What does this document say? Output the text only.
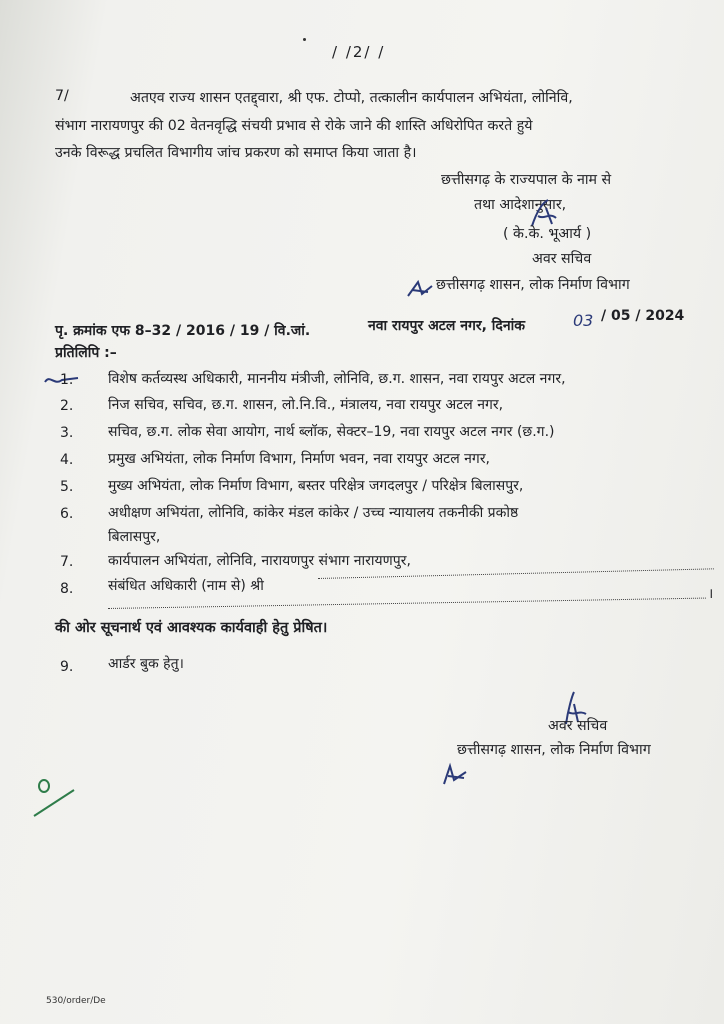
/ /2/ /
7/	अतएव राज्य शासन एतद्द्वारा, श्री एफ. टोप्पो, तत्कालीन कार्यपालन अभियंता, लोनिवि,
संभाग नारायणपुर की 02 वेतनवृद्धि संचयी प्रभाव से रोके जाने की शास्ति अधिरोपित करते हुये
उनके विरूद्ध प्रचलित विभागीय जांच प्रकरण को समाप्त किया जाता है।
छत्तीसगढ़ के राज्यपाल के नाम से
तथा आदेशानुसार,
( के.के. भूआर्य )
अवर सचिव
छत्तीसगढ़ शासन, लोक निर्माण विभाग
पृ. क्रमांक एफ 8–32 / 2016 / 19 / वि.जां.	नवा रायपुर अटल नगर, दिनांक	03 / 05 / 2024
प्रतिलिपि :–
1.	विशेष कर्तव्यस्थ अधिकारी, माननीय मंत्रीजी, लोनिवि, छ.ग. शासन, नवा रायपुर अटल नगर,
2.	निज सचिव, सचिव, छ.ग. शासन, लो.नि.वि., मंत्रालय, नवा रायपुर अटल नगर,
3.	सचिव, छ.ग. लोक सेवा आयोग, नार्थ ब्लॉक, सेक्टर–19, नवा रायपुर अटल नगर (छ.ग.)
4.	प्रमुख अभियंता, लोक निर्माण विभाग, निर्माण भवन, नवा रायपुर अटल नगर,
5.	मुख्य अभियंता, लोक निर्माण विभाग, बस्तर परिक्षेत्र जगदलपुर / परिक्षेत्र बिलासपुर,
6.	अधीक्षण अभियंता, लोनिवि, कांकेर मंडल कांकेर / उच्च न्यायालय तकनीकी प्रकोष्ठ
बिलासपुर,
7.	कार्यपालन अभियंता, लोनिवि, नारायणपुर संभाग नारायणपुर,
8.	संबंधित अधिकारी (नाम से) श्री	।
की ओर सूचनार्थ एवं आवश्यक कार्यवाही हेतु प्रेषित।
9.	आर्डर बुक हेतु।
अवर सचिव
छत्तीसगढ़ शासन, लोक निर्माण विभाग
530/order/De
